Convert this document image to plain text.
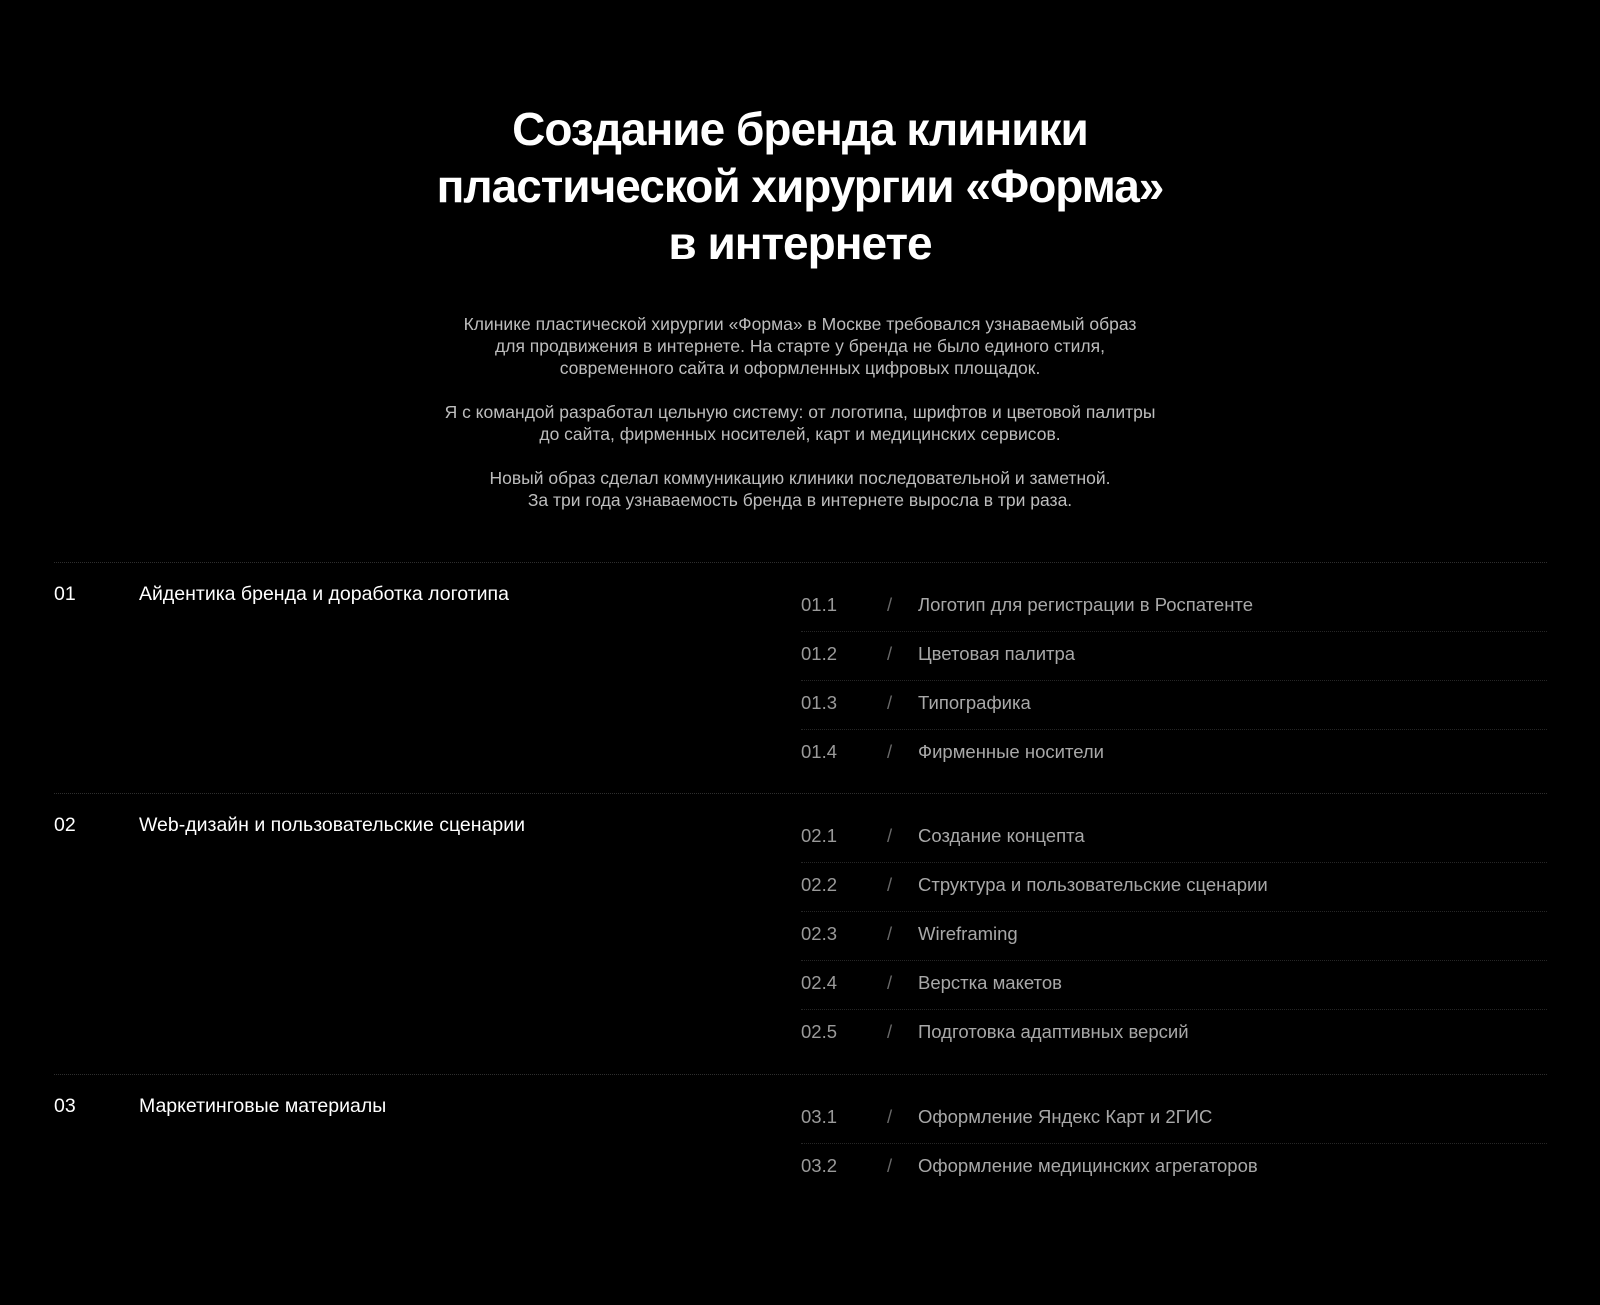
Создание бренда клиники
пластической хирургии «Форма»
в интернете

Клинике пластической хирургии «Форма» в Москве требовался узнаваемый образ
для продвижения в интернете. На старте у бренда не было единого стиля,
современного сайта и оформленных цифровых площадок.

Я с командой разработал цельную систему: от логотипа, шрифтов и цветовой палитры
до сайта, фирменных носителей, карт и медицинских сервисов.

Новый образ сделал коммуникацию клиники последовательной и заметной.
За три года узнаваемость бренда в интернете выросла в три раза.

01	Айдентика бренда и доработка логотипа	01.1	/ Логотип для регистрации в Роспатенте
01.2	/ Цветовая палитра
01.3	/ Типографика
01.4	/ Фирменные носители
02	Web-дизайн и пользовательские сценарии	02.1	/ Создание концепта
02.2	/ Структура и пользовательские сценарии
02.3	/ Wireframing
02.4	/ Верстка макетов
02.5	/ Подготовка адаптивных версий
03	Маркетинговые материалы	03.1	/ Оформление Яндекс Карт и 2ГИС
03.2	/ Оформление медицинских агрегаторов
